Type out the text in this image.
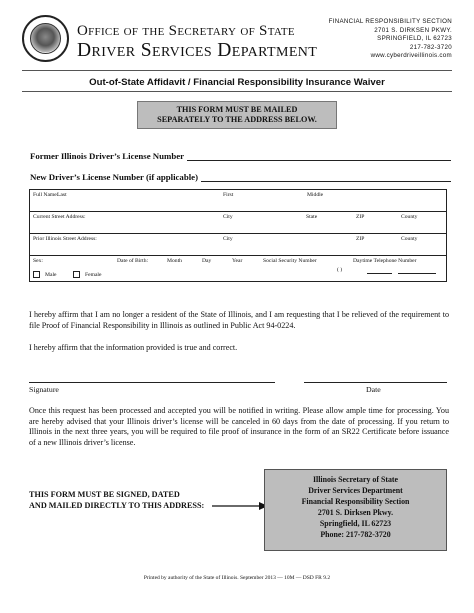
Office of the Secretary of State
Driver Services Department
FINANCIAL RESPONSIBILITY SECTION
2701 S. DIRKSEN PKWY.
SPRINGFIELD, IL 62723
217-782-3720
www.cyberdriveillinois.com
Out-of-State Affidavit / Financial Responsibility Insurance Waiver
THIS FORM MUST BE MAILED
SEPARATELY TO THE ADDRESS BELOW.
Former Illinois Driver’s License Number
New Driver’s License Number (if applicable)
Full Name:
Last	First	Middle
Current Street Address:	City	State	ZIP	County
Prior Illinois Street Address:	City	ZIP	County
Sex:
Male	Female
Date of Birth:	Month	Day	Year	Social Security Number	Daytime Telephone Number
( )
I hereby affirm that I am no longer a resident of the State of Illinois, and I am requesting that I be relieved of the requirement to file Proof of Financial Responsibility in Illinois as outlined in Public Act 94-0224.
I hereby affirm that the information provided is true and correct.
Signature	Date
Once this request has been processed and accepted you will be notified in writing. Please allow ample time for processing. You are hereby advised that your Illinois driver’s license will be canceled in 60 days from the date of processing. If you return to Illinois in the next three years, you will be required to file proof of insurance in the form of an SR22 Certificate before issuance of a new Illinois driver’s license.
THIS FORM MUST BE SIGNED, DATED
AND MAILED DIRECTLY TO THIS ADDRESS:
Illinois Secretary of State
Driver Services Department
Financial Responsibility Section
2701 S. Dirksen Pkwy.
Springfield, IL 62723
Phone: 217-782-3720
Printed by authority of the State of Illinois. September 2013 — 10M — DSD FR 9.2
